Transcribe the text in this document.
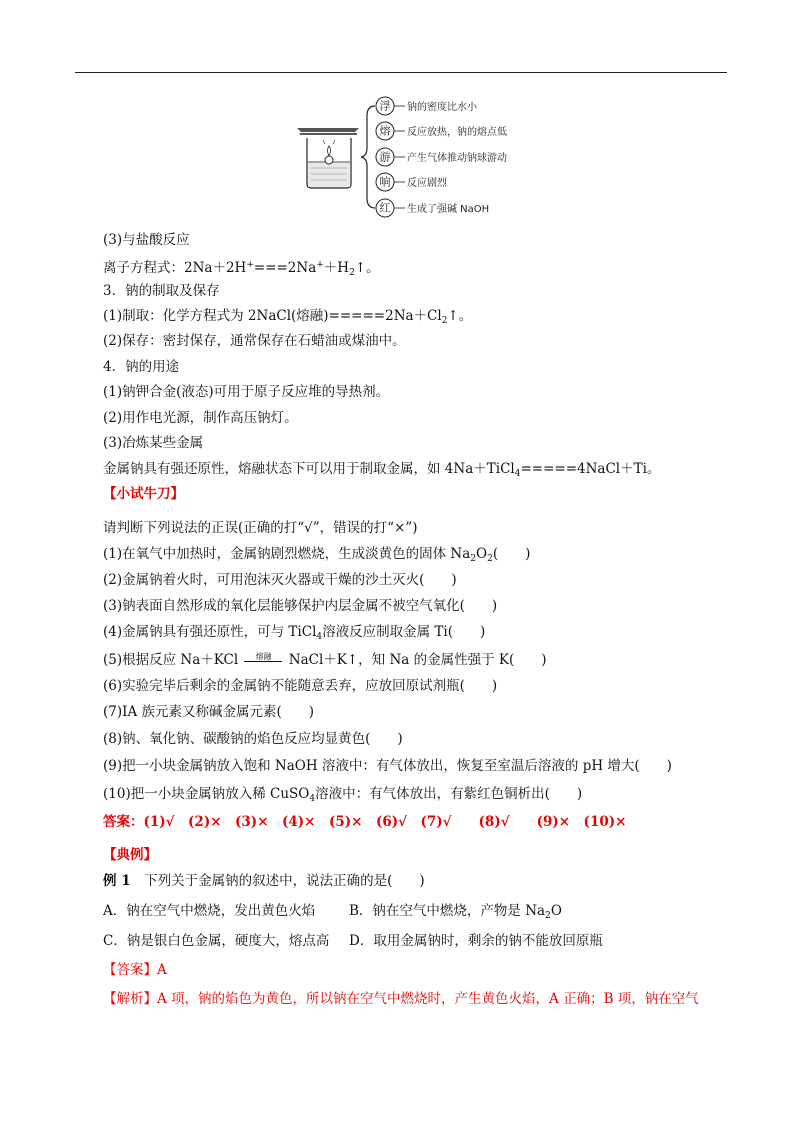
浮 钠的密度比水小
熔 反应放热，钠的熔点低
游 产生气体推动钠球游动
响 反应剧烈
红 生成了强碱 NaOH
(3)与盐酸反应
离子方程式：$2Na+2H^+===2Na^++H_2↑$。
3．钠的制取及保存
(1)制取：化学方程式为 2NaCl(熔融)$=====2Na+Cl_2↑$。
(2)保存：密封保存，通常保存在石蜡油或煤油中。
4．钠的用途
(1)钠钾合金(液态)可用于原子反应堆的导热剂。
(2)用作电光源，制作高压钠灯。
(3)冶炼某些金属
金属钠具有强还原性，熔融状态下可以用于制取金属，如 4Na＋TiCl$_4$=====4NaCl＋Ti。
【小试牛刀】
请判断下列说法的正误(正确的打“√”，错误的打“×”)
(1)在氧气中加热时，金属钠剧烈燃烧，生成淡黄色的固体 $Na_2O_2$(　　)
(2)金属钠着火时，可用泡沫灭火器或干燥的沙土灭火(　　)
(3)钠表面自然形成的氧化层能够保护内层金属不被空气氧化(　　)
(4)金属钠具有强还原性，可与 TiCl$_4$溶液反应制取金属 Ti(　　)
(5)根据反应 Na＋KCl	熔融	NaCl＋K↑，知 Na 的金属性强于 K(　　)
(6)实验完毕后剩余的金属钠不能随意丢弃，应放回原试剂瓶(　　)
(7)ⅠA 族元素又称碱金属元素(　　)
(8)钠、氧化钠、碳酸钠的焰色反应均显黄色(　　)
(9)把一小块金属钠放入饱和 NaOH 溶液中：有气体放出，恢复至室温后溶液的 pH 增大(　　)
(10)把一小块金属钠放入稀 CuSO$_4$溶液中：有气体放出，有紫红色铜析出(　　)
答案：(1)√　(2)×　(3)×　(4)×　(5)×　(6)√　(7)√　　(8)√　　(9)×　(10)×
【典例】
例 1　下列关于金属钠的叙述中，说法正确的是(　　)
A．钠在空气中燃烧，发出黄色火焰	B．钠在空气中燃烧，产物是 $Na_2O$
C．钠是银白色金属，硬度大，熔点高 D．取用金属钠时，剩余的钠不能放回原瓶
【答案】A
【解析】A 项，钠的焰色为黄色，所以钠在空气中燃烧时，产生黄色火焰，A 正确；B 项，钠在空气
